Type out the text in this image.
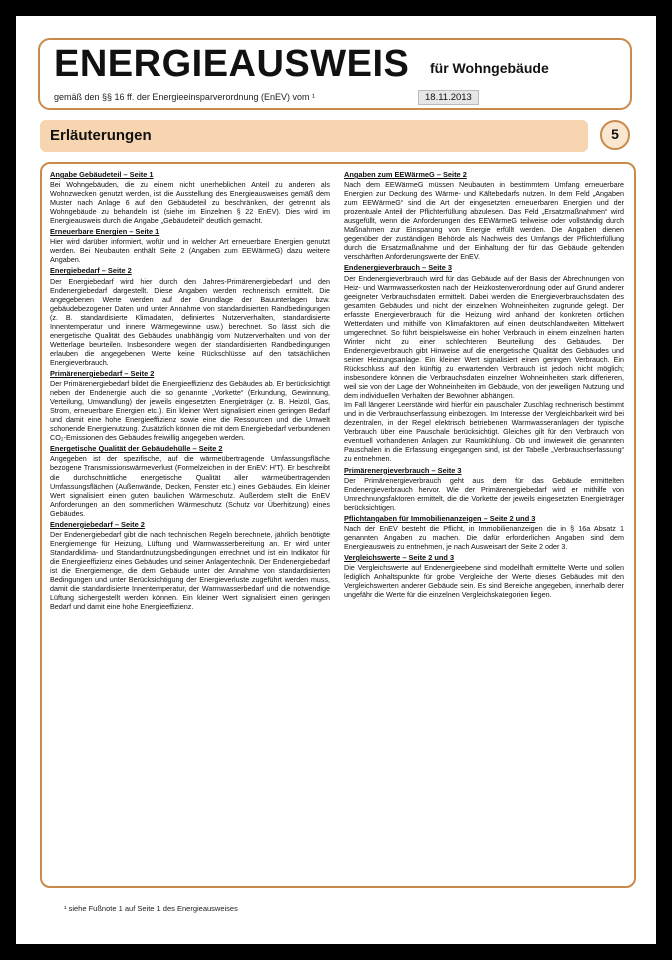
ENERGIEAUSWEIS für Wohngebäude
gemäß den §§ 16 ff. der Energieeinsparverordnung (EnEV) vom ¹	18.11.2013
Erläuterungen	5
Angabe Gebäudeteil – Seite 1
Bei Wohngebäuden, die zu einem nicht unerheblichen Anteil zu anderen als Wohnzwecken genutzt werden, ist die Ausstellung des Energieausweises gemäß dem Muster nach Anlage 6 auf den Gebäudeteil zu beschränken, der getrennt als Wohngebäude zu behandeln ist (siehe im Einzelnen § 22 EnEV). Dies wird im Energieausweis durch die Angabe „Gebäudeteil“ deutlich gemacht.
Erneuerbare Energien – Seite 1
Hier wird darüber informiert, wofür und in welcher Art erneuerbare Energien genutzt werden. Bei Neubauten enthält Seite 2 (Angaben zum EEWärmeG) dazu weitere Angaben.
Energiebedarf – Seite 2
Der Energiebedarf wird hier durch den Jahres-Primärenergiebedarf und den Endenergiebedarf dargestellt. Diese Angaben werden rechnerisch ermittelt. Die angegebenen Werte werden auf der Grundlage der Bauunterlagen bzw. gebäudebezogener Daten und unter Annahme von standardisierten Randbedingungen (z. B. standardisierte Klimadaten, definiertes Nutzerverhalten, standardisierte Innentemperatur und innere Wärmegewinne usw.) berechnet. So lässt sich die energetische Qualität des Gebäudes unabhängig vom Nutzerverhalten und von der Wetterlage beurteilen. Insbesondere wegen der standardisierten Randbedingungen erlauben die angegebenen Werte keine Rückschlüsse auf den tatsächlichen Energieverbrauch.
Primärenergiebedarf – Seite 2
Der Primärenergiebedarf bildet die Energieeffizienz des Gebäudes ab. Er berücksichtigt neben der Endenergie auch die so genannte „Vorkette“ (Erkundung, Gewinnung, Verteilung, Umwandlung) der jeweils eingesetzten Energieträger (z. B. Heizöl, Gas, Strom, erneuerbare Energien etc.). Ein kleiner Wert signalisiert einen geringen Bedarf und damit eine hohe Energieeffizienz sowie eine die Ressourcen und die Umwelt schonende Energienutzung. Zusätzlich können die mit dem Energiebedarf verbundenen CO₂-Emissionen des Gebäudes freiwillig angegeben werden.
Energetische Qualität der Gebäudehülle – Seite 2
Angegeben ist der spezifische, auf die wärmeübertragende Umfassungsfläche bezogene Transmissionswärmeverlust (Formelzeichen in der EnEV: H′T). Er beschreibt die durchschnittliche energetische Qualität aller wärmeübertragenden Umfassungsflächen (Außenwände, Decken, Fenster etc.) eines Gebäudes. Ein kleiner Wert signalisiert einen guten baulichen Wärmeschutz. Außerdem stellt die EnEV Anforderungen an den sommerlichen Wärmeschutz (Schutz vor Überhitzung) eines Gebäudes.
Endenergiebedarf – Seite 2
Der Endenergiebedarf gibt die nach technischen Regeln berechnete, jährlich benötigte Energiemenge für Heizung, Lüftung und Warmwasserbereitung an. Er wird unter Standardklima- und Standardnutzungsbedingungen errechnet und ist ein Indikator für die Energieeffizienz eines Gebäudes und seiner Anlagentechnik. Der Endenergiebedarf ist die Energiemenge, die dem Gebäude unter der Annahme von standardisierten Bedingungen und unter Berücksichtigung der Energieverluste zugeführt werden muss, damit die standardisierte Innentemperatur, der Warmwasserbedarf und die notwendige Lüftung sichergestellt werden können. Ein kleiner Wert signalisiert einen geringen Bedarf und damit eine hohe Energieeffizienz.
Angaben zum EEWärmeG – Seite 2
Nach dem EEWärmeG müssen Neubauten in bestimmtem Umfang erneuerbare Energien zur Deckung des Wärme- und Kältebedarfs nutzen. In dem Feld „Angaben zum EEWärmeG“ sind die Art der eingesetzten erneuerbaren Energien und der prozentuale Anteil der Pflichterfüllung abzulesen. Das Feld „Ersatzmaßnahmen“ wird ausgefüllt, wenn die Anforderungen des EEWärmeG teilweise oder vollständig durch Maßnahmen zur Einsparung von Energie erfüllt werden. Die Angaben dienen gegenüber der zuständigen Behörde als Nachweis des Umfangs der Pflichterfüllung durch die Ersatzmaßnahme und der Einhaltung der für das Gebäude geltenden verschärften Anforderungswerte der EnEV.
Endenergieverbrauch – Seite 3
Der Endenergieverbrauch wird für das Gebäude auf der Basis der Abrechnungen von Heiz- und Warmwasserkosten nach der Heizkostenverordnung oder auf Grund anderer geeigneter Verbrauchsdaten ermittelt. Dabei werden die Energieverbrauchsdaten des gesamten Gebäudes und nicht der einzelnen Wohneinheiten zugrunde gelegt. Der erfasste Energieverbrauch für die Heizung wird anhand der konkreten örtlichen Wetterdaten und mithilfe von Klimafaktoren auf einen deutschlandweiten Mittelwert umgerechnet. So führt beispielsweise ein hoher Verbrauch in einem einzelnen harten Winter nicht zu einer schlechteren Beurteilung des Gebäudes. Der Endenergieverbrauch gibt Hinweise auf die energetische Qualität des Gebäudes und seiner Heizungsanlage. Ein kleiner Wert signalisiert einen geringen Verbrauch. Ein Rückschluss auf den künftig zu erwartenden Verbrauch ist jedoch nicht möglich; insbesondere können die Verbrauchsdaten einzelner Wohneinheiten stark differieren, weil sie von der Lage der Wohneinheiten im Gebäude, von der jeweiligen Nutzung und dem individuellen Verhalten der Bewohner abhängen.
Im Fall längerer Leerstände wird hierfür ein pauschaler Zuschlag rechnerisch bestimmt und in die Verbrauchserfassung einbezogen. Im Interesse der Vergleichbarkeit wird bei dezentralen, in der Regel elektrisch betriebenen Warmwasseranlagen der typische Verbrauch über eine Pauschale berücksichtigt. Gleiches gilt für den Verbrauch von eventuell vorhandenen Anlagen zur Raumkühlung. Ob und inwieweit die genannten Pauschalen in die Erfassung eingegangen sind, ist der Tabelle „Verbrauchserfassung“ zu entnehmen.
Primärenergieverbrauch – Seite 3
Der Primärenergieverbrauch geht aus dem für das Gebäude ermittelten Endenergieverbrauch hervor. Wie der Primärenergiebedarf wird er mithilfe von Umrechnungsfaktoren ermittelt, die die Vorkette der jeweils eingesetzten Energieträger berücksichtigen.
Pflichtangaben für Immobilienanzeigen – Seite 2 und 3
Nach der EnEV besteht die Pflicht, in Immobilienanzeigen die in § 16a Absatz 1 genannten Angaben zu machen. Die dafür erforderlichen Angaben sind dem Energieausweis zu entnehmen, je nach Ausweisart der Seite 2 oder 3.
Vergleichswerte – Seite 2 und 3
Die Vergleichswerte auf Endenergieebene sind modellhaft ermittelte Werte und sollen lediglich Anhaltspunkte für grobe Vergleiche der Werte dieses Gebäudes mit den Vergleichswerten anderer Gebäude sein. Es sind Bereiche angegeben, innerhalb derer ungefähr die Werte für die einzelnen Vergleichskategorien liegen.
¹ siehe Fußnote 1 auf Seite 1 des Energieausweises
